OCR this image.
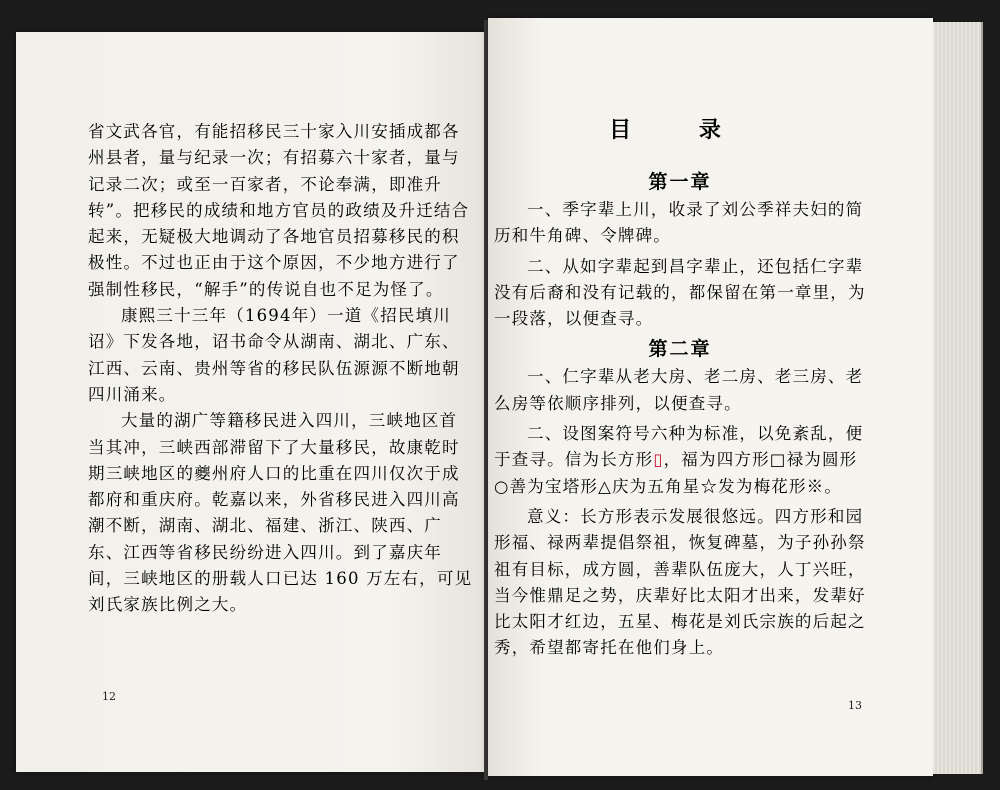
省文武各官，有能招移民三十家入川安插成都各州县者，量与纪录一次；有招募六十家者，量与记录二次；或至一百家者，不论奉满，即准升转”。把移民的成绩和地方官员的政绩及升迁结合起来，无疑极大地调动了各地官员招募移民的积极性。不过也正由于这个原因，不少地方进行了强制性移民，“解手”的传说自也不足为怪了。

康熙三十三年（1694年）一道《招民填川诏》下发各地，诏书命令从湖南、湖北、广东、江西、云南、贵州等省的移民队伍源源不断地朝四川涌来。

大量的湖广等籍移民进入四川，三峡地区首当其冲，三峡西部滞留下了大量移民，故康乾时期三峡地区的夔州府人口的比重在四川仅次于成都府和重庆府。乾嘉以来，外省移民进入四川高潮不断，湖南、湖北、福建、浙江、陕西、广东、江西等省移民纷纷进入四川。到了嘉庆年间，三峡地区的册载人口已达 160 万左右，可见刘氏家族比例之大。

12
目 录

第一章

一、季字辈上川，收录了刘公季祥夫妇的简历和牛角碑、令牌碑。

二、从如字辈起到昌字辈止，还包括仁字辈没有后裔和没有记载的，都保留在第一章里，为一段落，以便查寻。

第二章

一、仁字辈从老大房、老二房、老三房、老么房等依顺序排列，以便查寻。

二、设图案符号六种为标准，以免紊乱，便于查寻。信为长方形▯，福为四方形□禄为圆形○善为宝塔形△庆为五角星☆发为梅花形※。

意义：长方形表示发展很悠远。四方形和园形福、禄两辈提倡祭祖，恢复碑墓，为子孙孙祭祖有目标，成方圆，善辈队伍庞大，人丁兴旺，当今惟鼎足之势，庆辈好比太阳才出来，发辈好比太阳才红边，五星、梅花是刘氏宗族的后起之秀，希望都寄托在他们身上。

13
